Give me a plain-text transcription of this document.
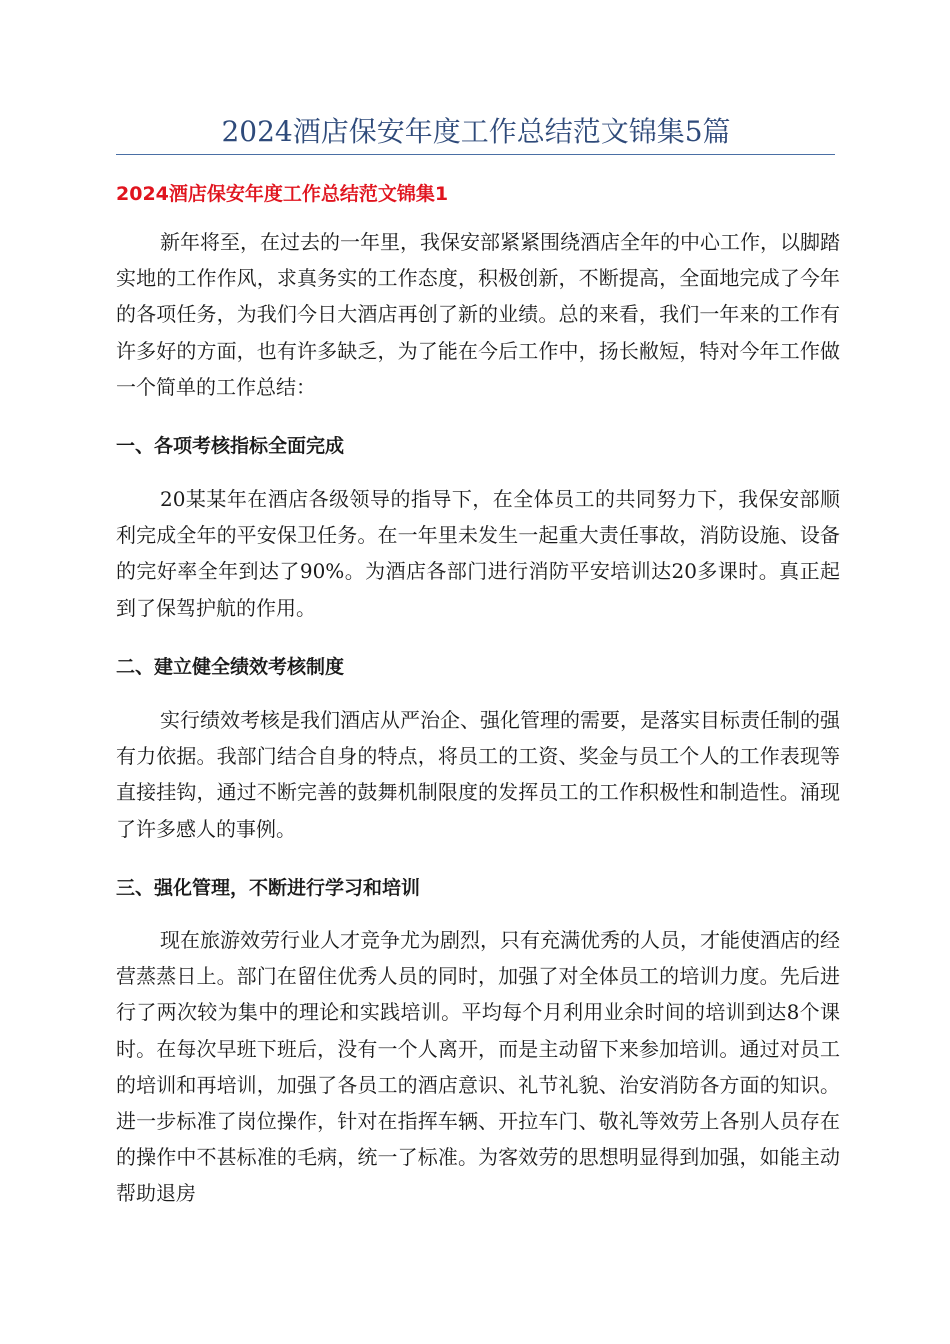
2024酒店保安年度工作总结范文锦集5篇
2024酒店保安年度工作总结范文锦集1

新年将至，在过去的一年里，我保安部紧紧围绕酒店全年的中心工作，以脚踏实地的工作作风，求真务实的工作态度，积极创新，不断提高，全面地完成了今年的各项任务，为我们今日大酒店再创了新的业绩。总的来看，我们一年来的工作有许多好的方面，也有许多缺乏，为了能在今后工作中，扬长敝短，特对今年工作做一个简单的工作总结：

一、各项考核指标全面完成

20某某年在酒店各级领导的指导下，在全体员工的共同努力下，我保安部顺利完成全年的平安保卫任务。在一年里未发生一起重大责任事故，消防设施、设备的完好率全年到达了90%。为酒店各部门进行消防平安培训达20多课时。真正起到了保驾护航的作用。

二、建立健全绩效考核制度

实行绩效考核是我们酒店从严治企、强化管理的需要，是落实目标责任制的强有力依据。我部门结合自身的特点，将员工的工资、奖金与员工个人的工作表现等直接挂钩，通过不断完善的鼓舞机制限度的发挥员工的工作积极性和制造性。涌现了许多感人的事例。

三、强化管理，不断进行学习和培训

现在旅游效劳行业人才竞争尤为剧烈，只有充满优秀的人员，才能使酒店的经营蒸蒸日上。部门在留住优秀人员的同时，加强了对全体员工的培训力度。先后进行了两次较为集中的理论和实践培训。平均每个月利用业余时间的培训到达8个课时。在每次早班下班后，没有一个人离开，而是主动留下来参加培训。通过对员工的培训和再培训，加强了各员工的酒店意识、礼节礼貌、治安消防各方面的知识。进一步标准了岗位操作，针对在指挥车辆、开拉车门、敬礼等效劳上各别人员存在的操作中不甚标准的毛病，统一了标准。为客效劳的思想明显得到加强，如能主动帮助退房
